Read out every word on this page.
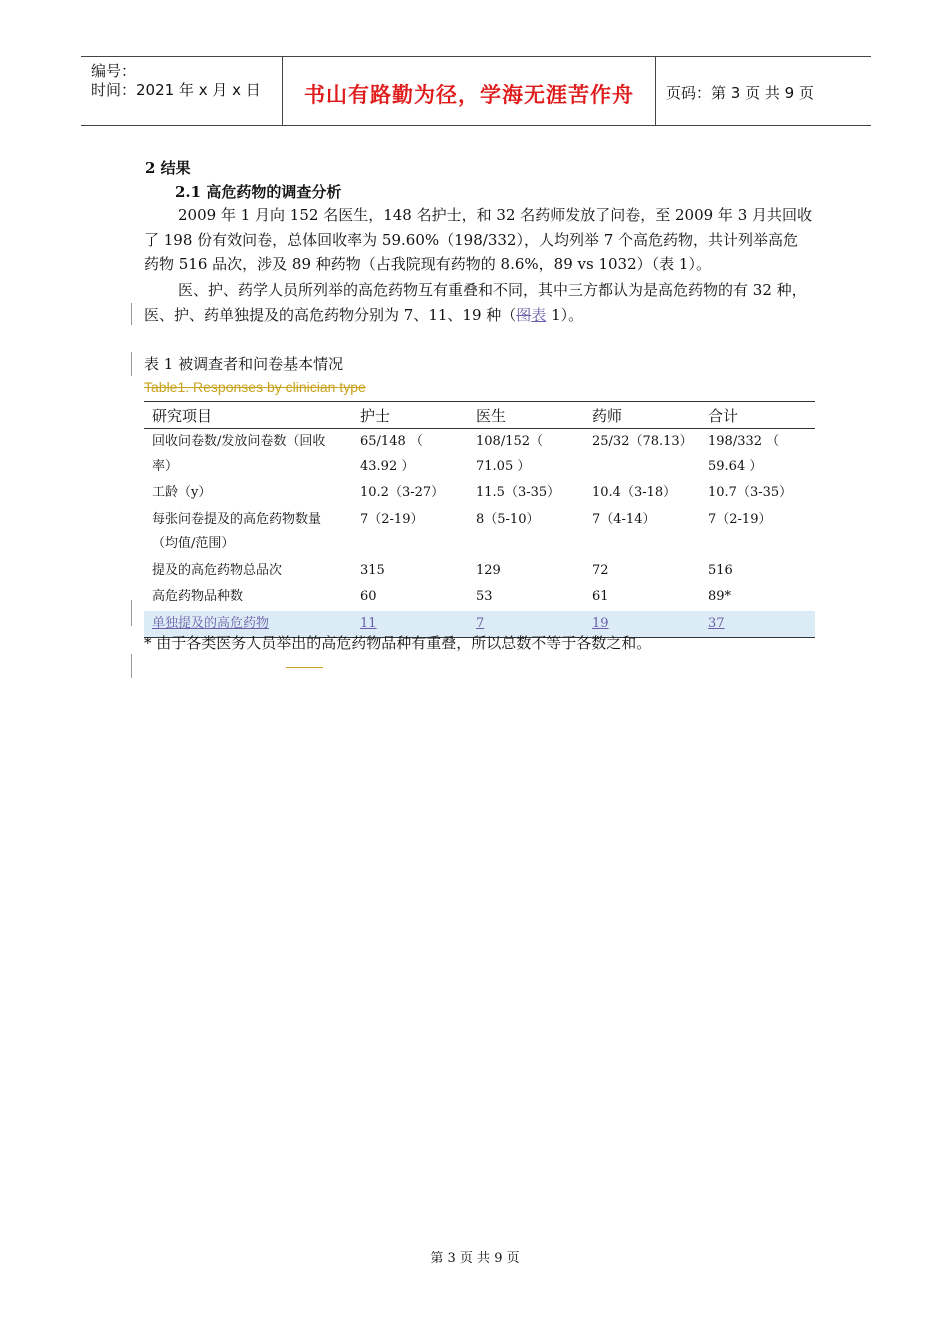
编号：
时间：2021 年 x 月 x 日	书山有路勤为径，学海无涯苦作舟	页码：第 3 页 共 9 页
2 结果
2.1 高危药物的调查分析
2009 年 1 月向 152 名医生，148 名护士，和 32 名药师发放了问卷，至 2009 年 3 月共回收了 198 份有效问卷，总体回收率为 59.60%（198/332），人均列举 7 个高危药物，共计列举高危药物 516 品次，涉及 89 种药物（占我院现有药物的 8.6%，89 vs 1032）（表 1）。
医、护、药学人员所列举的高危药物互有重叠和不同，其中三方都认为是高危药物的有 32 种，医、护、药单独提及的高危药物分别为 7、11、19 种（图表 1）。
表 1 被调查者和问卷基本情况
Table1. Responses by clinician type
研究项目	护士	医生	药师	合计
回收问卷数/发放问卷数（回收率）	65/148 （ 43.92 ）	108/152（ 71.05 ）	25/32（78.13）	198/332 （ 59.64 ）
工龄（y）	10.2（3-27）	11.5（3-35）	10.4（3-18）	10.7（3-35）
每张问卷提及的高危药物数量（均值/范围）	7（2-19）	8（5-10）	7（4-14）	7（2-19）
提及的高危药物总品次	315	129	72	516
高危药物品种数	60	53	61	89*
单独提及的高危药物	11	7	19	37
* 由于各类医务人员举出的高危药物品种有重叠，所以总数不等于各数之和。
第 3 页 共 9 页
